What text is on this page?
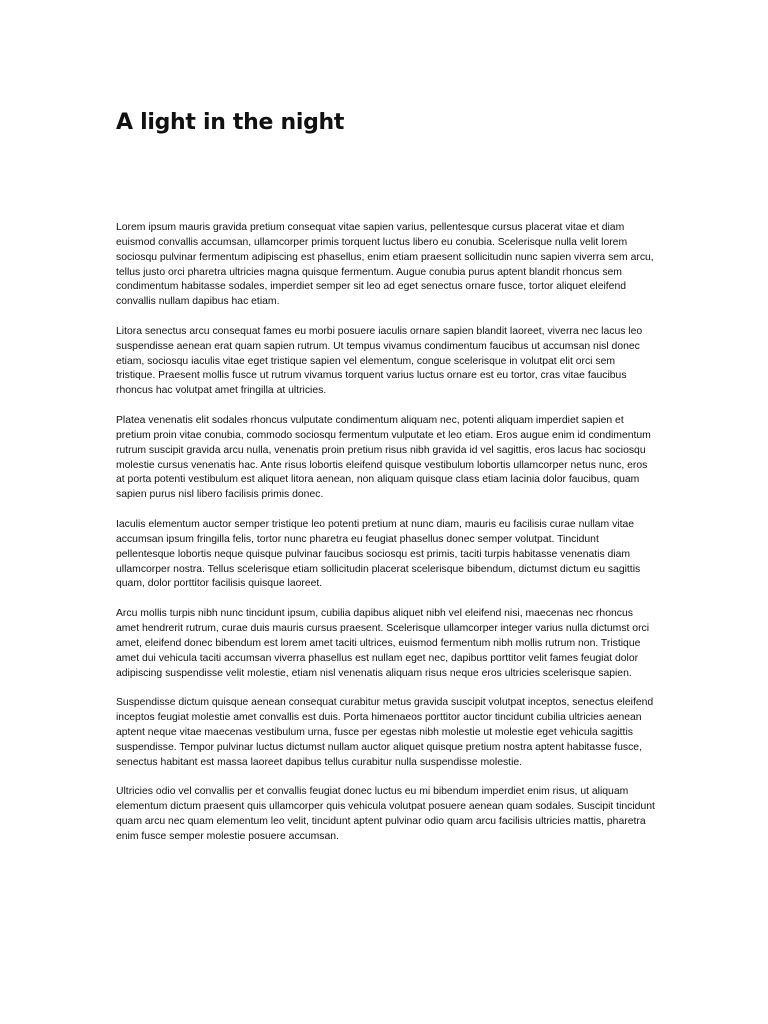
A light in the night

Lorem ipsum mauris gravida pretium consequat vitae sapien varius, pellentesque cursus placerat vitae et diam euismod convallis accumsan, ullamcorper primis torquent luctus libero eu conubia. Scelerisque nulla velit lorem sociosqu pulvinar fermentum adipiscing est phasellus, enim etiam praesent sollicitudin nunc sapien viverra sem arcu, tellus justo orci pharetra ultricies magna quisque fermentum. Augue conubia purus aptent blandit rhoncus sem condimentum habitasse sodales, imperdiet semper sit leo ad eget senectus ornare fusce, tortor aliquet eleifend convallis nullam dapibus hac etiam.

Litora senectus arcu consequat fames eu morbi posuere iaculis ornare sapien blandit laoreet, viverra nec lacus leo suspendisse aenean erat quam sapien rutrum. Ut tempus vivamus condimentum faucibus ut accumsan nisl donec etiam, sociosqu iaculis vitae eget tristique sapien vel elementum, congue scelerisque in volutpat elit orci sem tristique. Praesent mollis fusce ut rutrum vivamus torquent varius luctus ornare est eu tortor, cras vitae faucibus rhoncus hac volutpat amet fringilla at ultricies.

Platea venenatis elit sodales rhoncus vulputate condimentum aliquam nec, potenti aliquam imperdiet sapien et pretium proin vitae conubia, commodo sociosqu fermentum vulputate et leo etiam. Eros augue enim id condimentum rutrum suscipit gravida arcu nulla, venenatis proin pretium risus nibh gravida id vel sagittis, eros lacus hac sociosqu molestie cursus venenatis hac. Ante risus lobortis eleifend quisque vestibulum lobortis ullamcorper netus nunc, eros at porta potenti vestibulum est aliquet litora aenean, non aliquam quisque class etiam lacinia dolor faucibus, quam sapien purus nisl libero facilisis primis donec.

Iaculis elementum auctor semper tristique leo potenti pretium at nunc diam, mauris eu facilisis curae nullam vitae accumsan ipsum fringilla felis, tortor nunc pharetra eu feugiat phasellus donec semper volutpat. Tincidunt pellentesque lobortis neque quisque pulvinar faucibus sociosqu est primis, taciti turpis habitasse venenatis diam ullamcorper nostra. Tellus scelerisque etiam sollicitudin placerat scelerisque bibendum, dictumst dictum eu sagittis quam, dolor porttitor facilisis quisque laoreet.

Arcu mollis turpis nibh nunc tincidunt ipsum, cubilia dapibus aliquet nibh vel eleifend nisi, maecenas nec rhoncus amet hendrerit rutrum, curae duis mauris cursus praesent. Scelerisque ullamcorper integer varius nulla dictumst orci amet, eleifend donec bibendum est lorem amet taciti ultrices, euismod fermentum nibh mollis rutrum non. Tristique amet dui vehicula taciti accumsan viverra phasellus est nullam eget nec, dapibus porttitor velit fames feugiat dolor adipiscing suspendisse velit molestie, etiam nisl venenatis aliquam risus neque eros ultricies scelerisque sapien.

Suspendisse dictum quisque aenean consequat curabitur metus gravida suscipit volutpat inceptos, senectus eleifend inceptos feugiat molestie amet convallis est duis. Porta himenaeos porttitor auctor tincidunt cubilia ultricies aenean aptent neque vitae maecenas vestibulum urna, fusce per egestas nibh molestie ut molestie eget vehicula sagittis suspendisse. Tempor pulvinar luctus dictumst nullam auctor aliquet quisque pretium nostra aptent habitasse fusce, senectus habitant est massa laoreet dapibus tellus curabitur nulla suspendisse molestie.

Ultricies odio vel convallis per et convallis feugiat donec luctus eu mi bibendum imperdiet enim risus, ut aliquam elementum dictum praesent quis ullamcorper quis vehicula volutpat posuere aenean quam sodales. Suscipit tincidunt quam arcu nec quam elementum leo velit, tincidunt aptent pulvinar odio quam arcu facilisis ultricies mattis, pharetra enim fusce semper molestie posuere accumsan.
